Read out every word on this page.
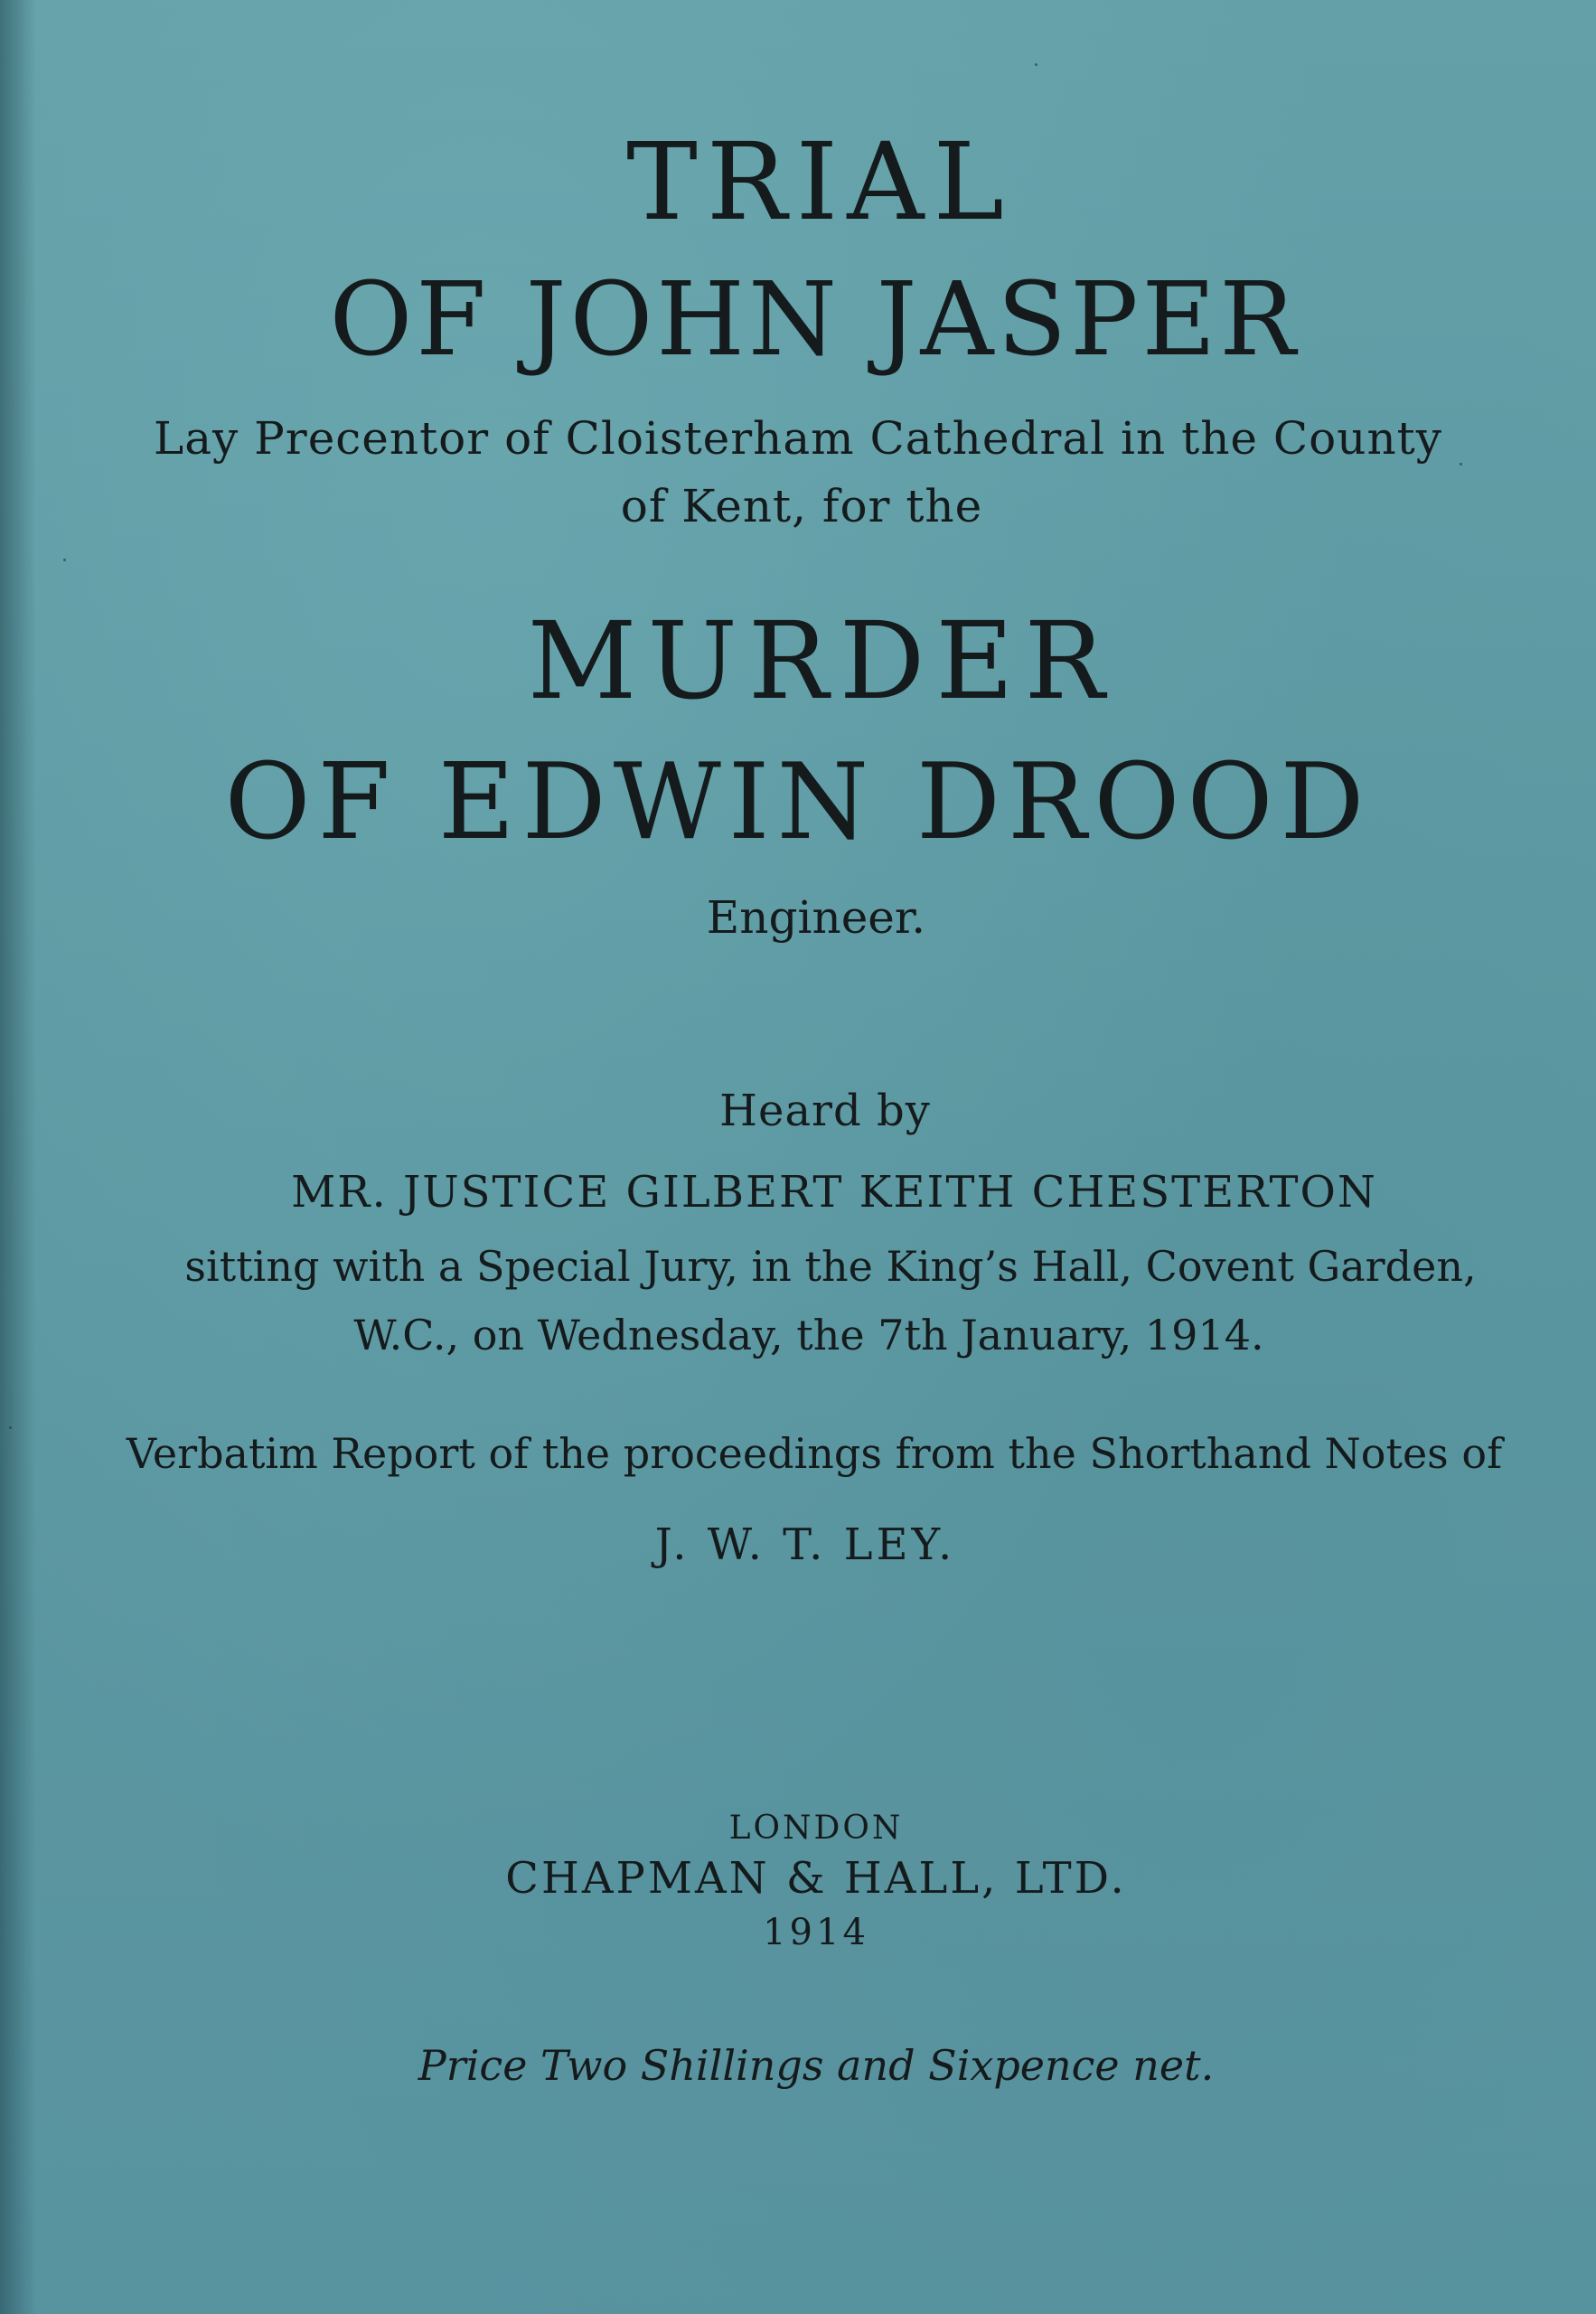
TRIAL

OF JOHN JASPER

Lay Precentor of Cloisterham Cathedral in the County

of Kent, for the

MURDER

OF EDWIN DROOD

Engineer.

Heard by

MR. JUSTICE GILBERT KEITH CHESTERTON

sitting with a Special Jury, in the King’s Hall, Covent Garden,

W.C., on Wednesday, the 7th January, 1914.

Verbatim Report of the proceedings from the Shorthand Notes of

J. W. T. LEY.

LONDON

CHAPMAN & HALL, LTD.

1914

Price Two Shillings and Sixpence net.
